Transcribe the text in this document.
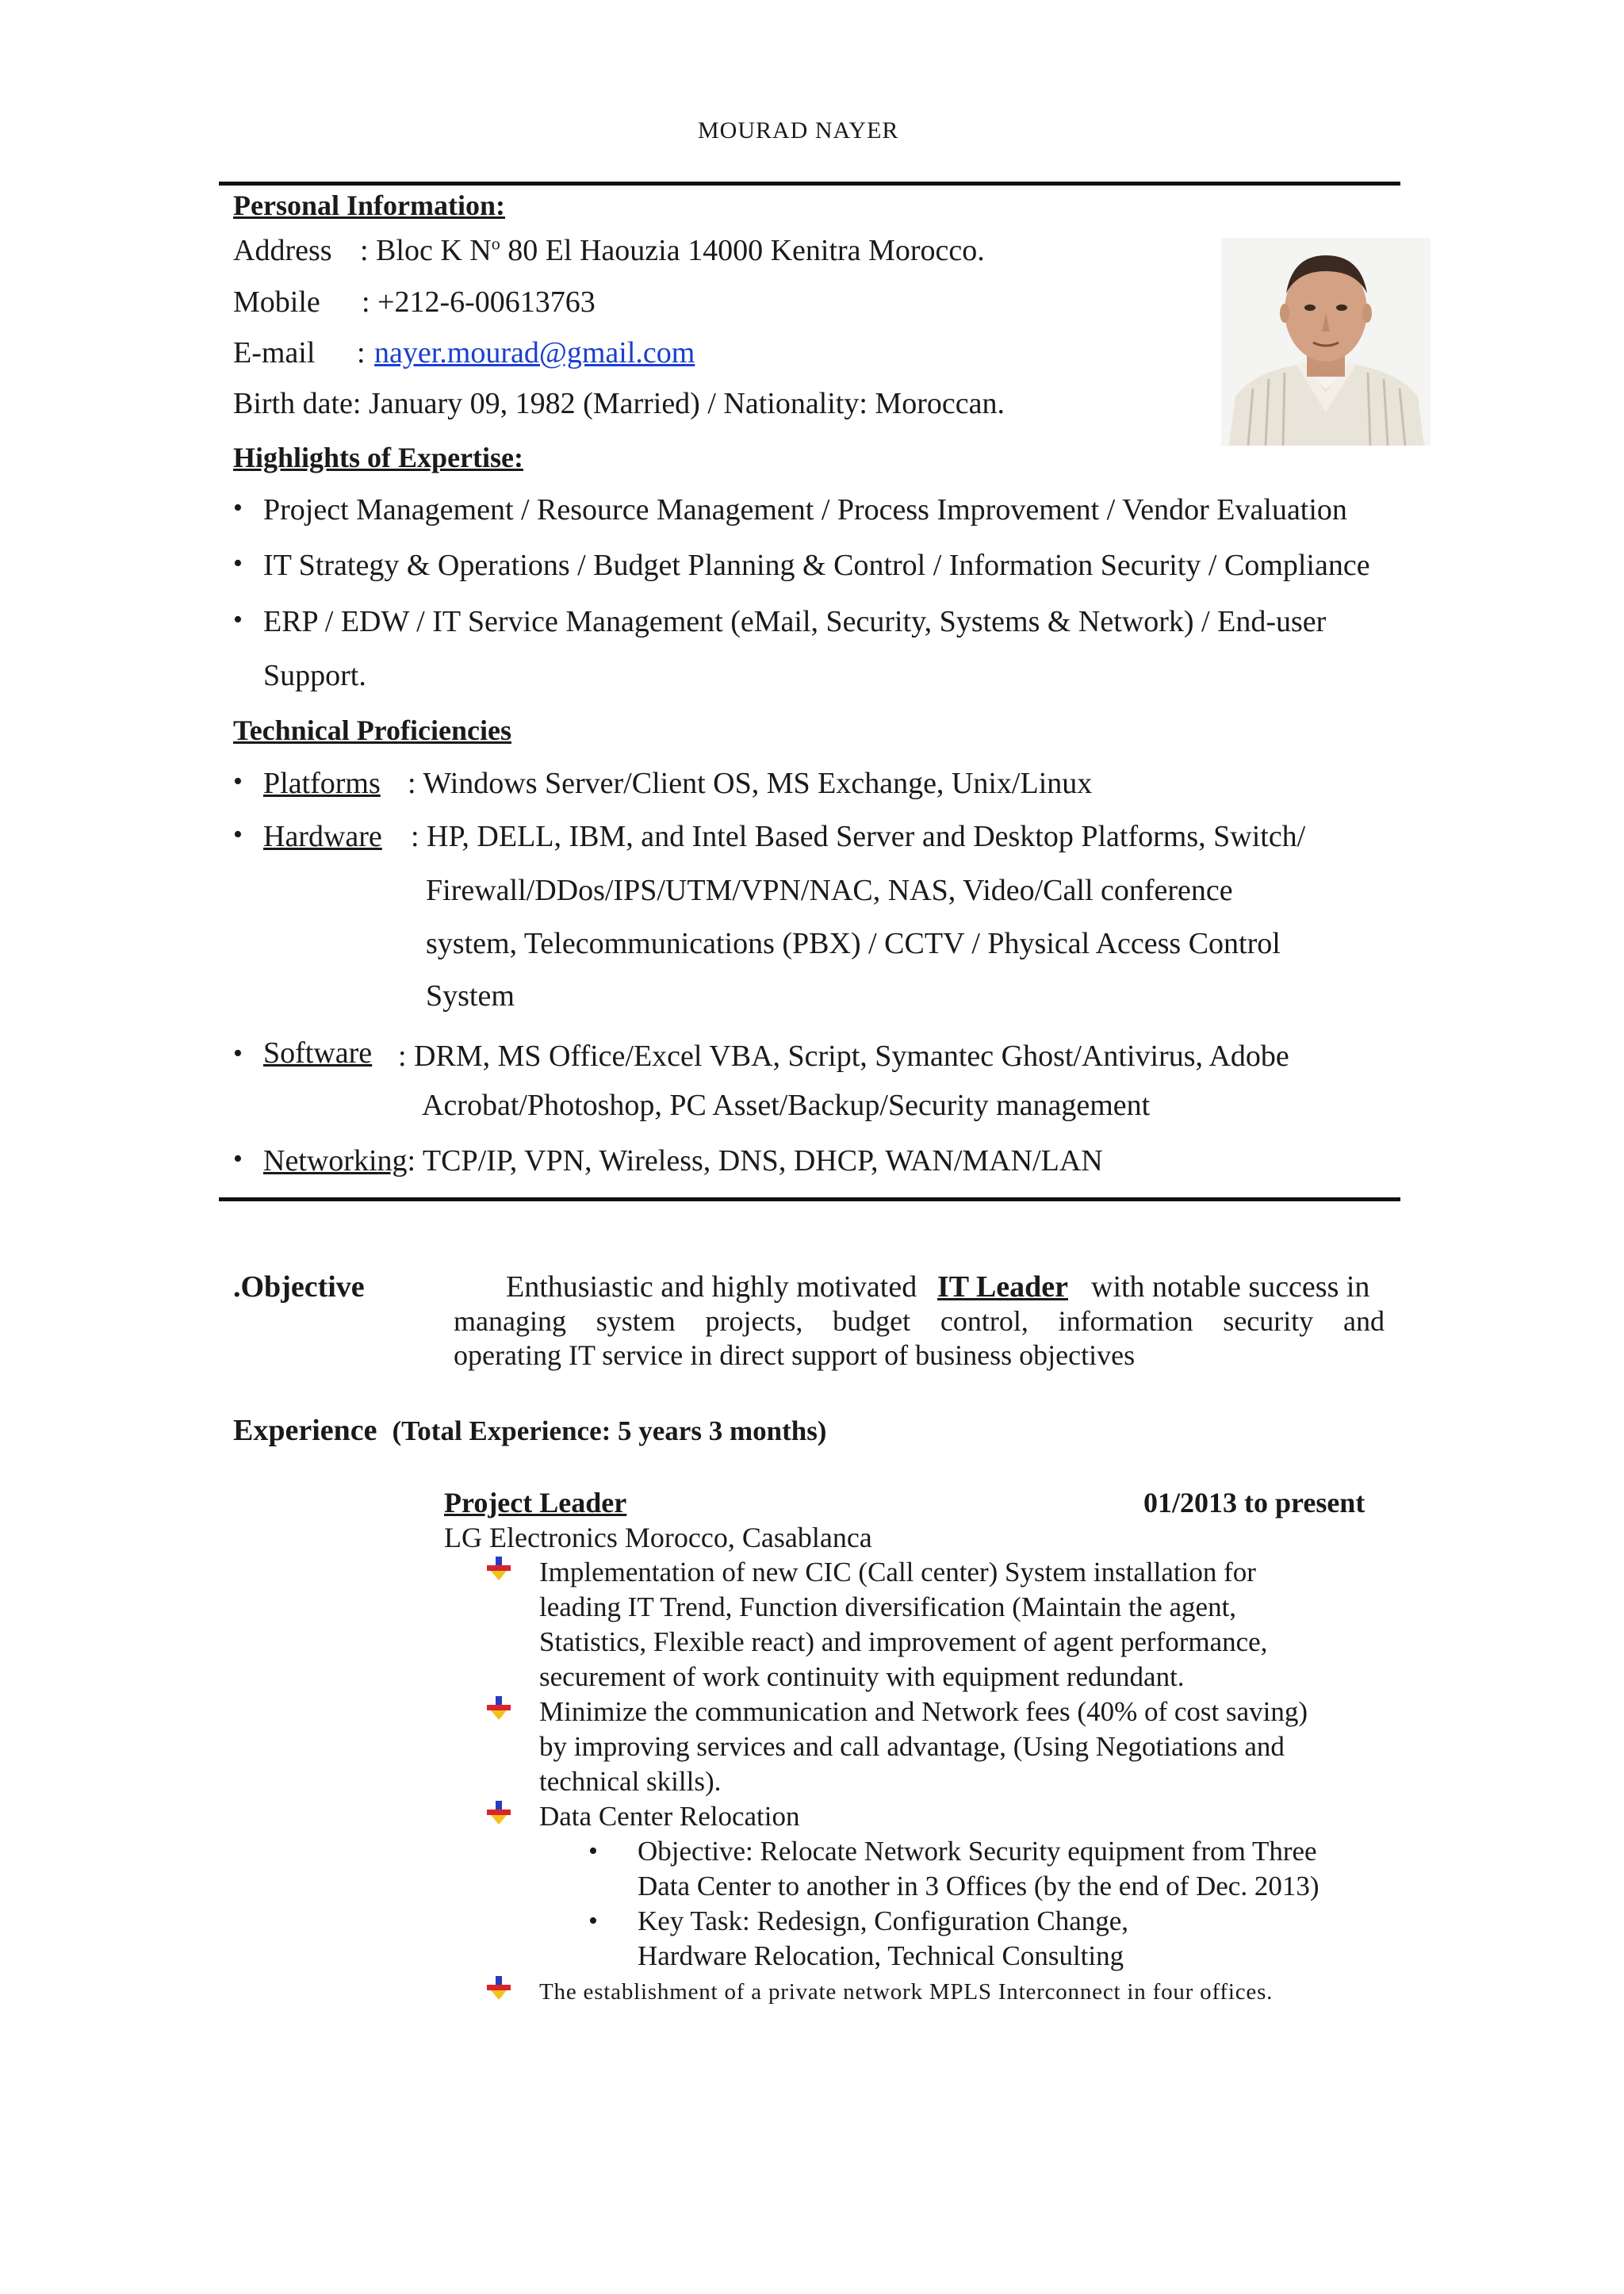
MOURAD NAYER
Personal Information:
Address : Bloc K $N^o$ 80 El Haouzia 14000 Kenitra Morocco.
Mobile : +212-6-00613763
E-mail : nayer.mourad@gmail.com
Birth date: January 09, 1982 (Married) / Nationality: Moroccan.
Highlights of Expertise:
• Project Management / Resource Management / Process Improvement / Vendor Evaluation
• IT Strategy & Operations / Budget Planning & Control / Information Security / Compliance
• ERP / EDW / IT Service Management (eMail, Security, Systems & Network) / End-user
Support.
Technical Proficiencies
• Platforms : Windows Server/Client OS, MS Exchange, Unix/Linux
• Hardware : HP, DELL, IBM, and Intel Based Server and Desktop Platforms, Switch/
Firewall/DDos/IPS/UTM/VPN/NAC, NAS, Video/Call conference
system, Telecommunications (PBX) / CCTV / Physical Access Control
System
• Software : DRM, MS Office/Excel VBA, Script, Symantec Ghost/Antivirus, Adobe
Acrobat/Photoshop, PC Asset/Backup/Security management
• Networking: TCP/IP, VPN, Wireless, DNS, DHCP, WAN/MAN/LAN
.Objective	Enthusiastic and highly motivated IT Leader with notable success in
managing system projects, budget control, information security and
operating IT service in direct support of business objectives
Experience (Total Experience: 5 years 3 months)
Project Leader	01/2013 to present
LG Electronics Morocco, Casablanca
Implementation of new CIC (Call center) System installation for
leading IT Trend, Function diversification (Maintain the agent,
Statistics, Flexible react) and improvement of agent performance,
securement of work continuity with equipment redundant.
Minimize the communication and Network fees (40% of cost saving)
by improving services and call advantage, (Using Negotiations and
technical skills).
Data Center Relocation
• Objective: Relocate Network Security equipment from Three
Data Center to another in 3 Offices (by the end of Dec. 2013)
• Key Task: Redesign, Configuration Change,
Hardware Relocation, Technical Consulting
The establishment of a private network MPLS Interconnect in four offices.
